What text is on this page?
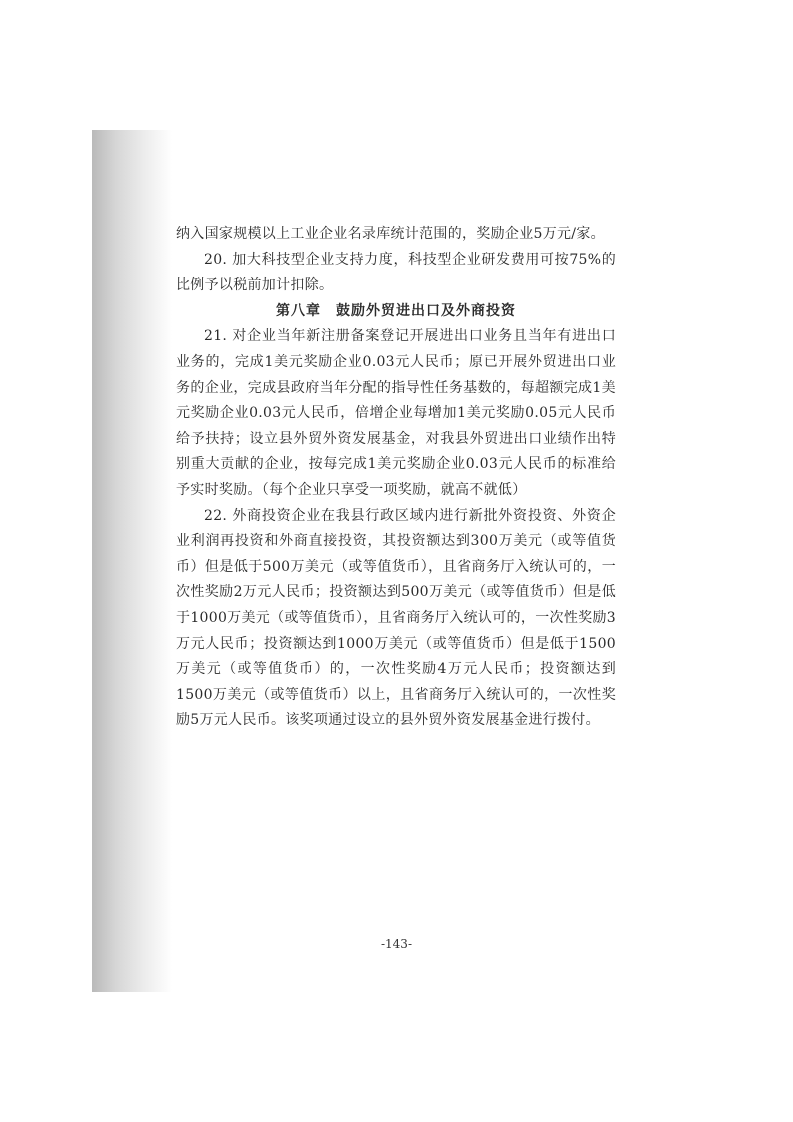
纳入国家规模以上工业企业名录库统计范围的，奖励企业5万元/家。

20. 加大科技型企业支持力度，科技型企业研发费用可按75%的比例予以税前加计扣除。

第八章　鼓励外贸进出口及外商投资

21. 对企业当年新注册备案登记开展进出口业务且当年有进出口业务的，完成1美元奖励企业0.03元人民币；原已开展外贸进出口业务的企业，完成县政府当年分配的指导性任务基数的，每超额完成1美元奖励企业0.03元人民币，倍增企业每增加1美元奖励0.05元人民币给予扶持；设立县外贸外资发展基金，对我县外贸进出口业绩作出特别重大贡献的企业，按每完成1美元奖励企业0.03元人民币的标准给予实时奖励。（每个企业只享受一项奖励，就高不就低）

22. 外商投资企业在我县行政区域内进行新批外资投资、外资企业利润再投资和外商直接投资，其投资额达到300万美元（或等值货币）但是低于500万美元（或等值货币），且省商务厅入统认可的，一次性奖励2万元人民币；投资额达到500万美元（或等值货币）但是低于1000万美元（或等值货币），且省商务厅入统认可的，一次性奖励3万元人民币；投资额达到1000万美元（或等值货币）但是低于1500万美元（或等值货币）的，一次性奖励4万元人民币；投资额达到1500万美元（或等值货币）以上，且省商务厅入统认可的，一次性奖励5万元人民币。该奖项通过设立的县外贸外资发展基金进行拨付。

-143-
